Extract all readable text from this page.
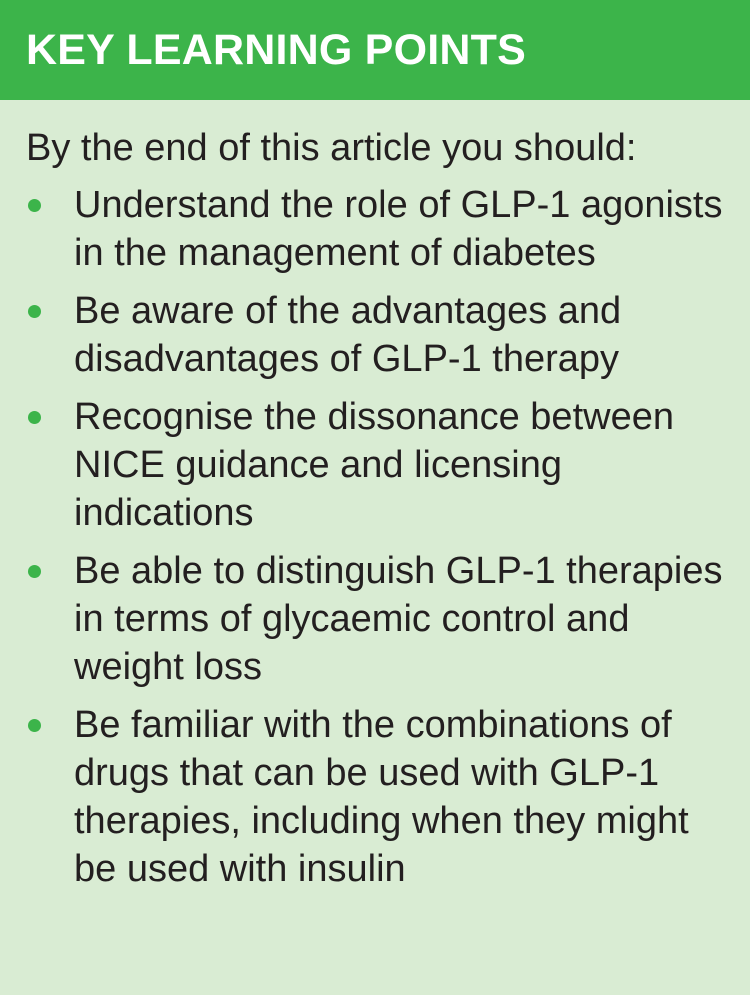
KEY LEARNING POINTS
By the end of this article you should:
Understand the role of GLP-1 agonists in the management of diabetes
Be aware of the advantages and disadvantages of GLP-1 therapy
Recognise the dissonance between NICE guidance and licensing indications
Be able to distinguish GLP-1 therapies in terms of glycaemic control and weight loss
Be familiar with the combinations of drugs that can be used with GLP-1 therapies, including when they might be used with insulin
